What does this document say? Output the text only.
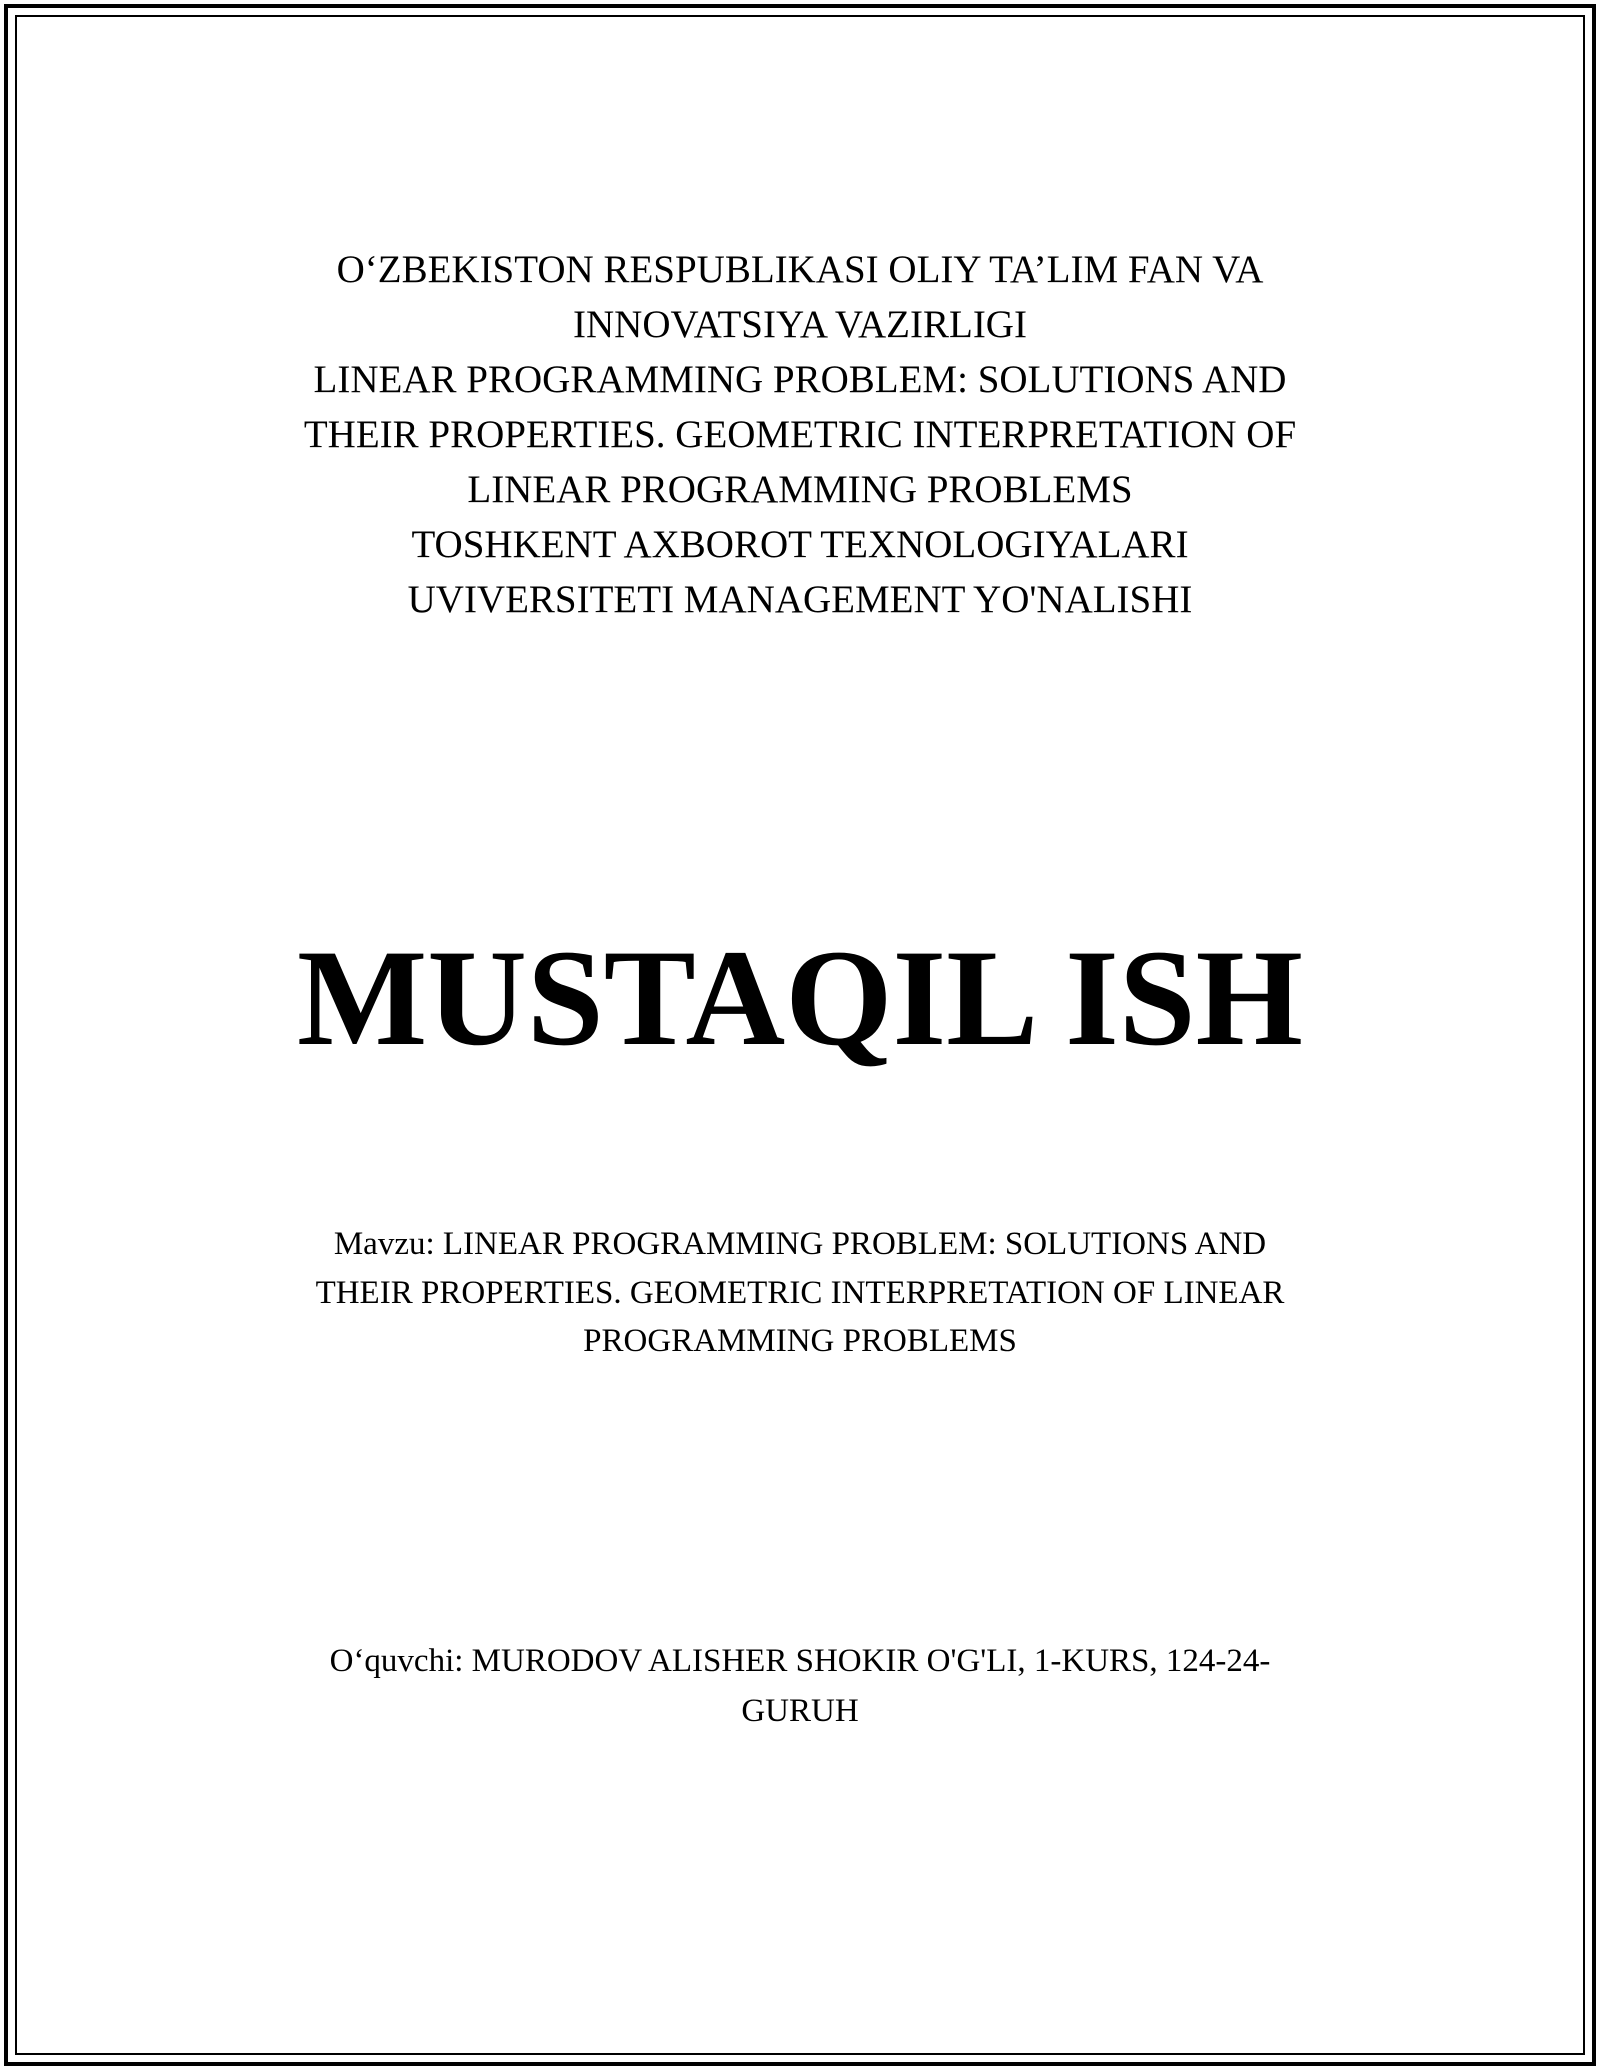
O‘ZBEKISTON RESPUBLIKASI OLIY TA’LIM FAN VA
INNOVATSIYA VAZIRLIGI
LINEAR PROGRAMMING PROBLEM: SOLUTIONS AND
THEIR PROPERTIES. GEOMETRIC INTERPRETATION OF
LINEAR PROGRAMMING PROBLEMS
TOSHKENT AXBOROT TEXNOLOGIYALARI
UVIVERSITETI MANAGEMENT YO'NALISHI
MUSTAQIL ISH
Mavzu: LINEAR PROGRAMMING PROBLEM: SOLUTIONS AND
THEIR PROPERTIES. GEOMETRIC INTERPRETATION OF LINEAR
PROGRAMMING PROBLEMS
O‘quvchi: MURODOV ALISHER SHOKIR O'G'LI, 1-KURS, 124-24-
GURUH
